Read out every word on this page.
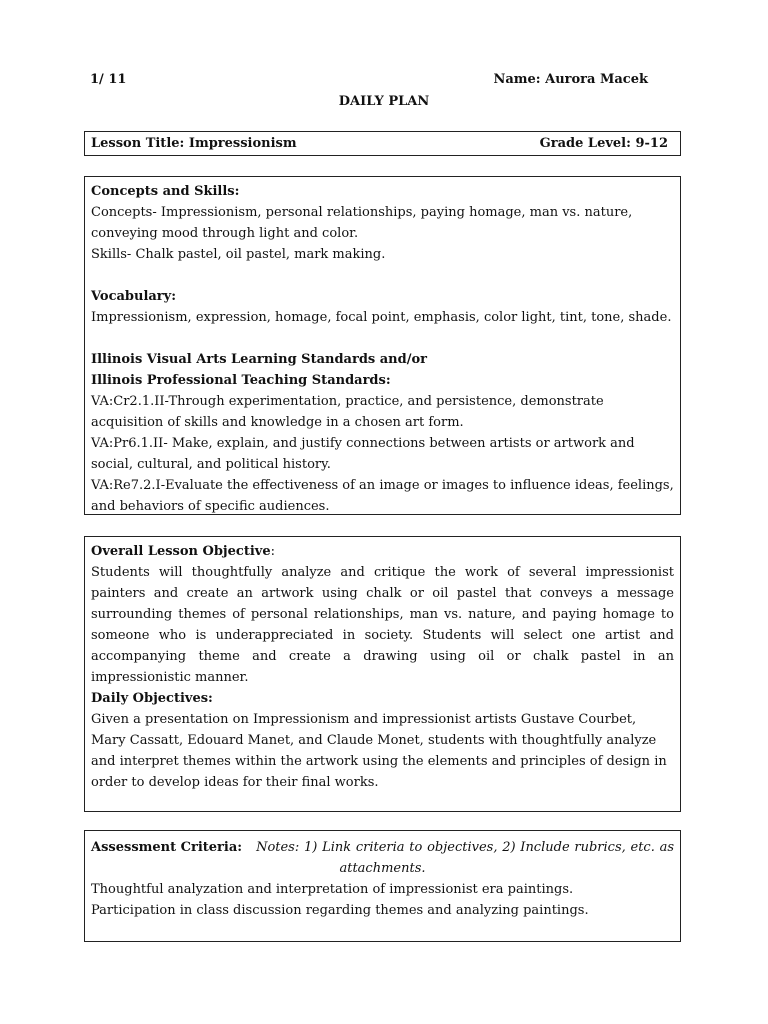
1/ 11	Name: Aurora Macek
DAILY PLAN
Lesson Title: Impressionism	Grade Level: 9-12
Concepts and Skills:
Concepts- Impressionism, personal relationships, paying homage, man vs. nature,
conveying mood through light and color.
Skills- Chalk pastel, oil pastel, mark making.
Vocabulary:
Impressionism, expression, homage, focal point, emphasis, color light, tint, tone, shade.
Illinois Visual Arts Learning Standards and/or
Illinois Professional Teaching Standards:
VA:Cr2.1.II-Through experimentation, practice, and persistence, demonstrate
acquisition of skills and knowledge in a chosen art form.
VA:Pr6.1.II- Make, explain, and justify connections between artists or artwork and
social, cultural, and political history.
VA:Re7.2.I-Evaluate the effectiveness of an image or images to influence ideas, feelings,
and behaviors of specific audiences.
Overall Lesson Objective:
Students will thoughtfully analyze and critique the work of several impressionist
painters and create an artwork using chalk or oil pastel that conveys a message
surrounding themes of personal relationships, man vs. nature, and paying homage to
someone who is underappreciated in society. Students will select one artist and
accompanying theme and create a drawing using oil or chalk pastel in an
impressionistic manner.
Daily Objectives:
Given a presentation on Impressionism and impressionist artists Gustave Courbet,
Mary Cassatt, Edouard Manet, and Claude Monet, students with thoughtfully analyze
and interpret themes within the artwork using the elements and principles of design in
order to develop ideas for their final works.
Assessment Criteria: Notes: 1) Link criteria to objectives, 2) Include rubrics, etc. as
attachments.
Thoughtful analyzation and interpretation of impressionist era paintings.
Participation in class discussion regarding themes and analyzing paintings.
